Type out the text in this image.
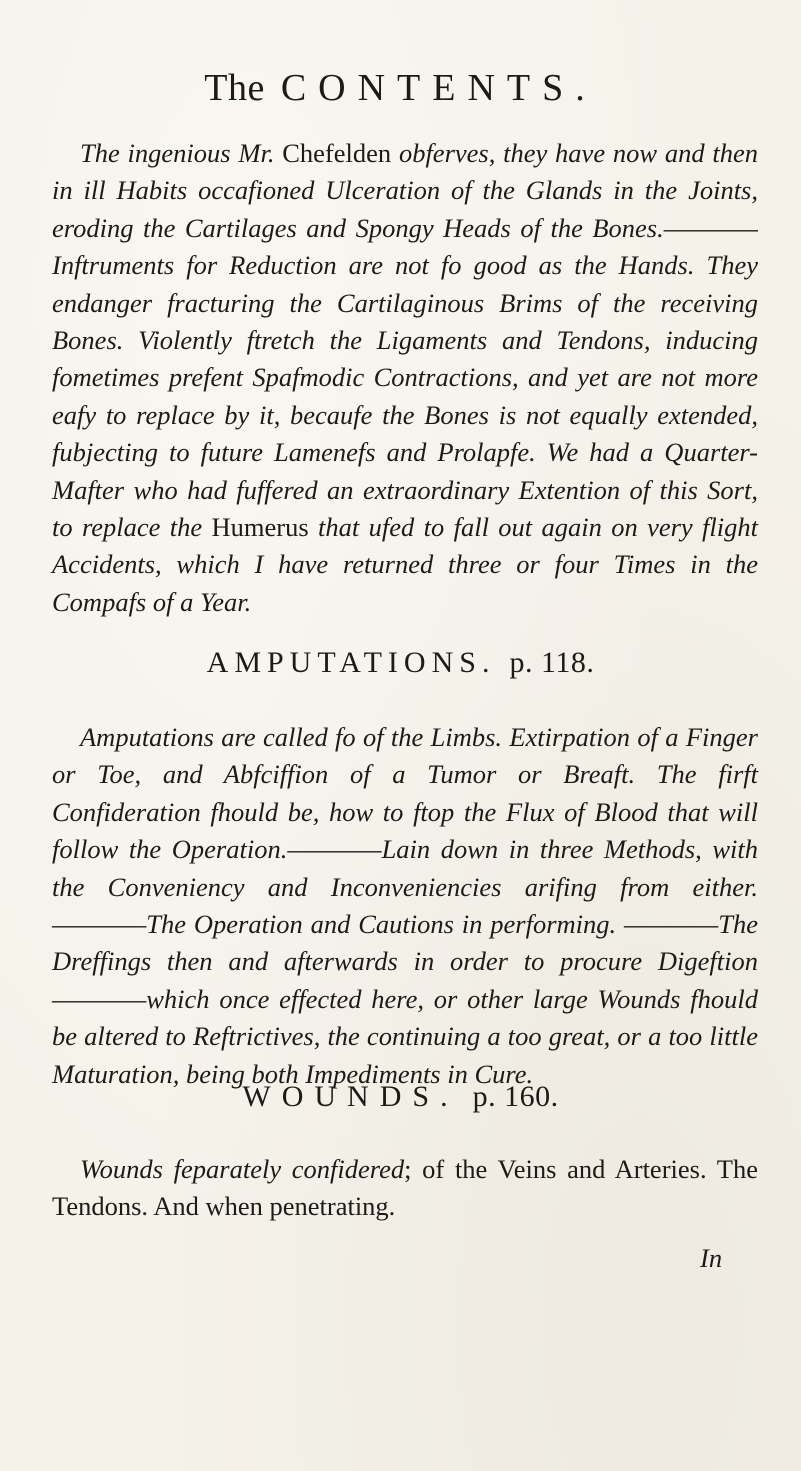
The CONTENTS.
The ingenious Mr. Chefelden obferves, they have now and then in ill Habits occafioned Ulceration of the Glands in the Joints, eroding the Cartilages and Spongy Heads of the Bones.————Inftruments for Reduction are not fo good as the Hands. They endanger fracturing the Cartilaginous Brims of the receiving Bones. Violently ftretch the Ligaments and Tendons, inducing fometimes prefent Spafmodic Contractions, and yet are not more eafy to replace by it, becaufe the Bones is not equally extended, fubjecting to future Lamenefs and Prolapfe. We had a Quarter-Mafter who had fuffered an extraordinary Extention of this Sort, to replace the Humerus that ufed to fall out again on very flight Accidents, which I have returned three or four Times in the Compafs of a Year.
AMPUTATIONS. p. 118.
Amputations are called fo of the Limbs. Extirpation of a Finger or Toe, and Abfciffion of a Tumor or Breaft. The firft Confideration fhould be, how to ftop the Flux of Blood that will follow the Operation.————Lain down in three Methods, with the Conveniency and Inconveniencies arifing from either. ————The Operation and Cautions in performing. ————The Dreffings then and afterwards in order to procure Digeftion————which once effected here, or other large Wounds fhould be altered to Reftrictives, the continuing a too great, or a too little Maturation, being both Impediments in Cure.
WOUNDS. p. 160.
Wounds feparately confidered; of the Veins and Arteries. The Tendons. And when penetrating.
In
